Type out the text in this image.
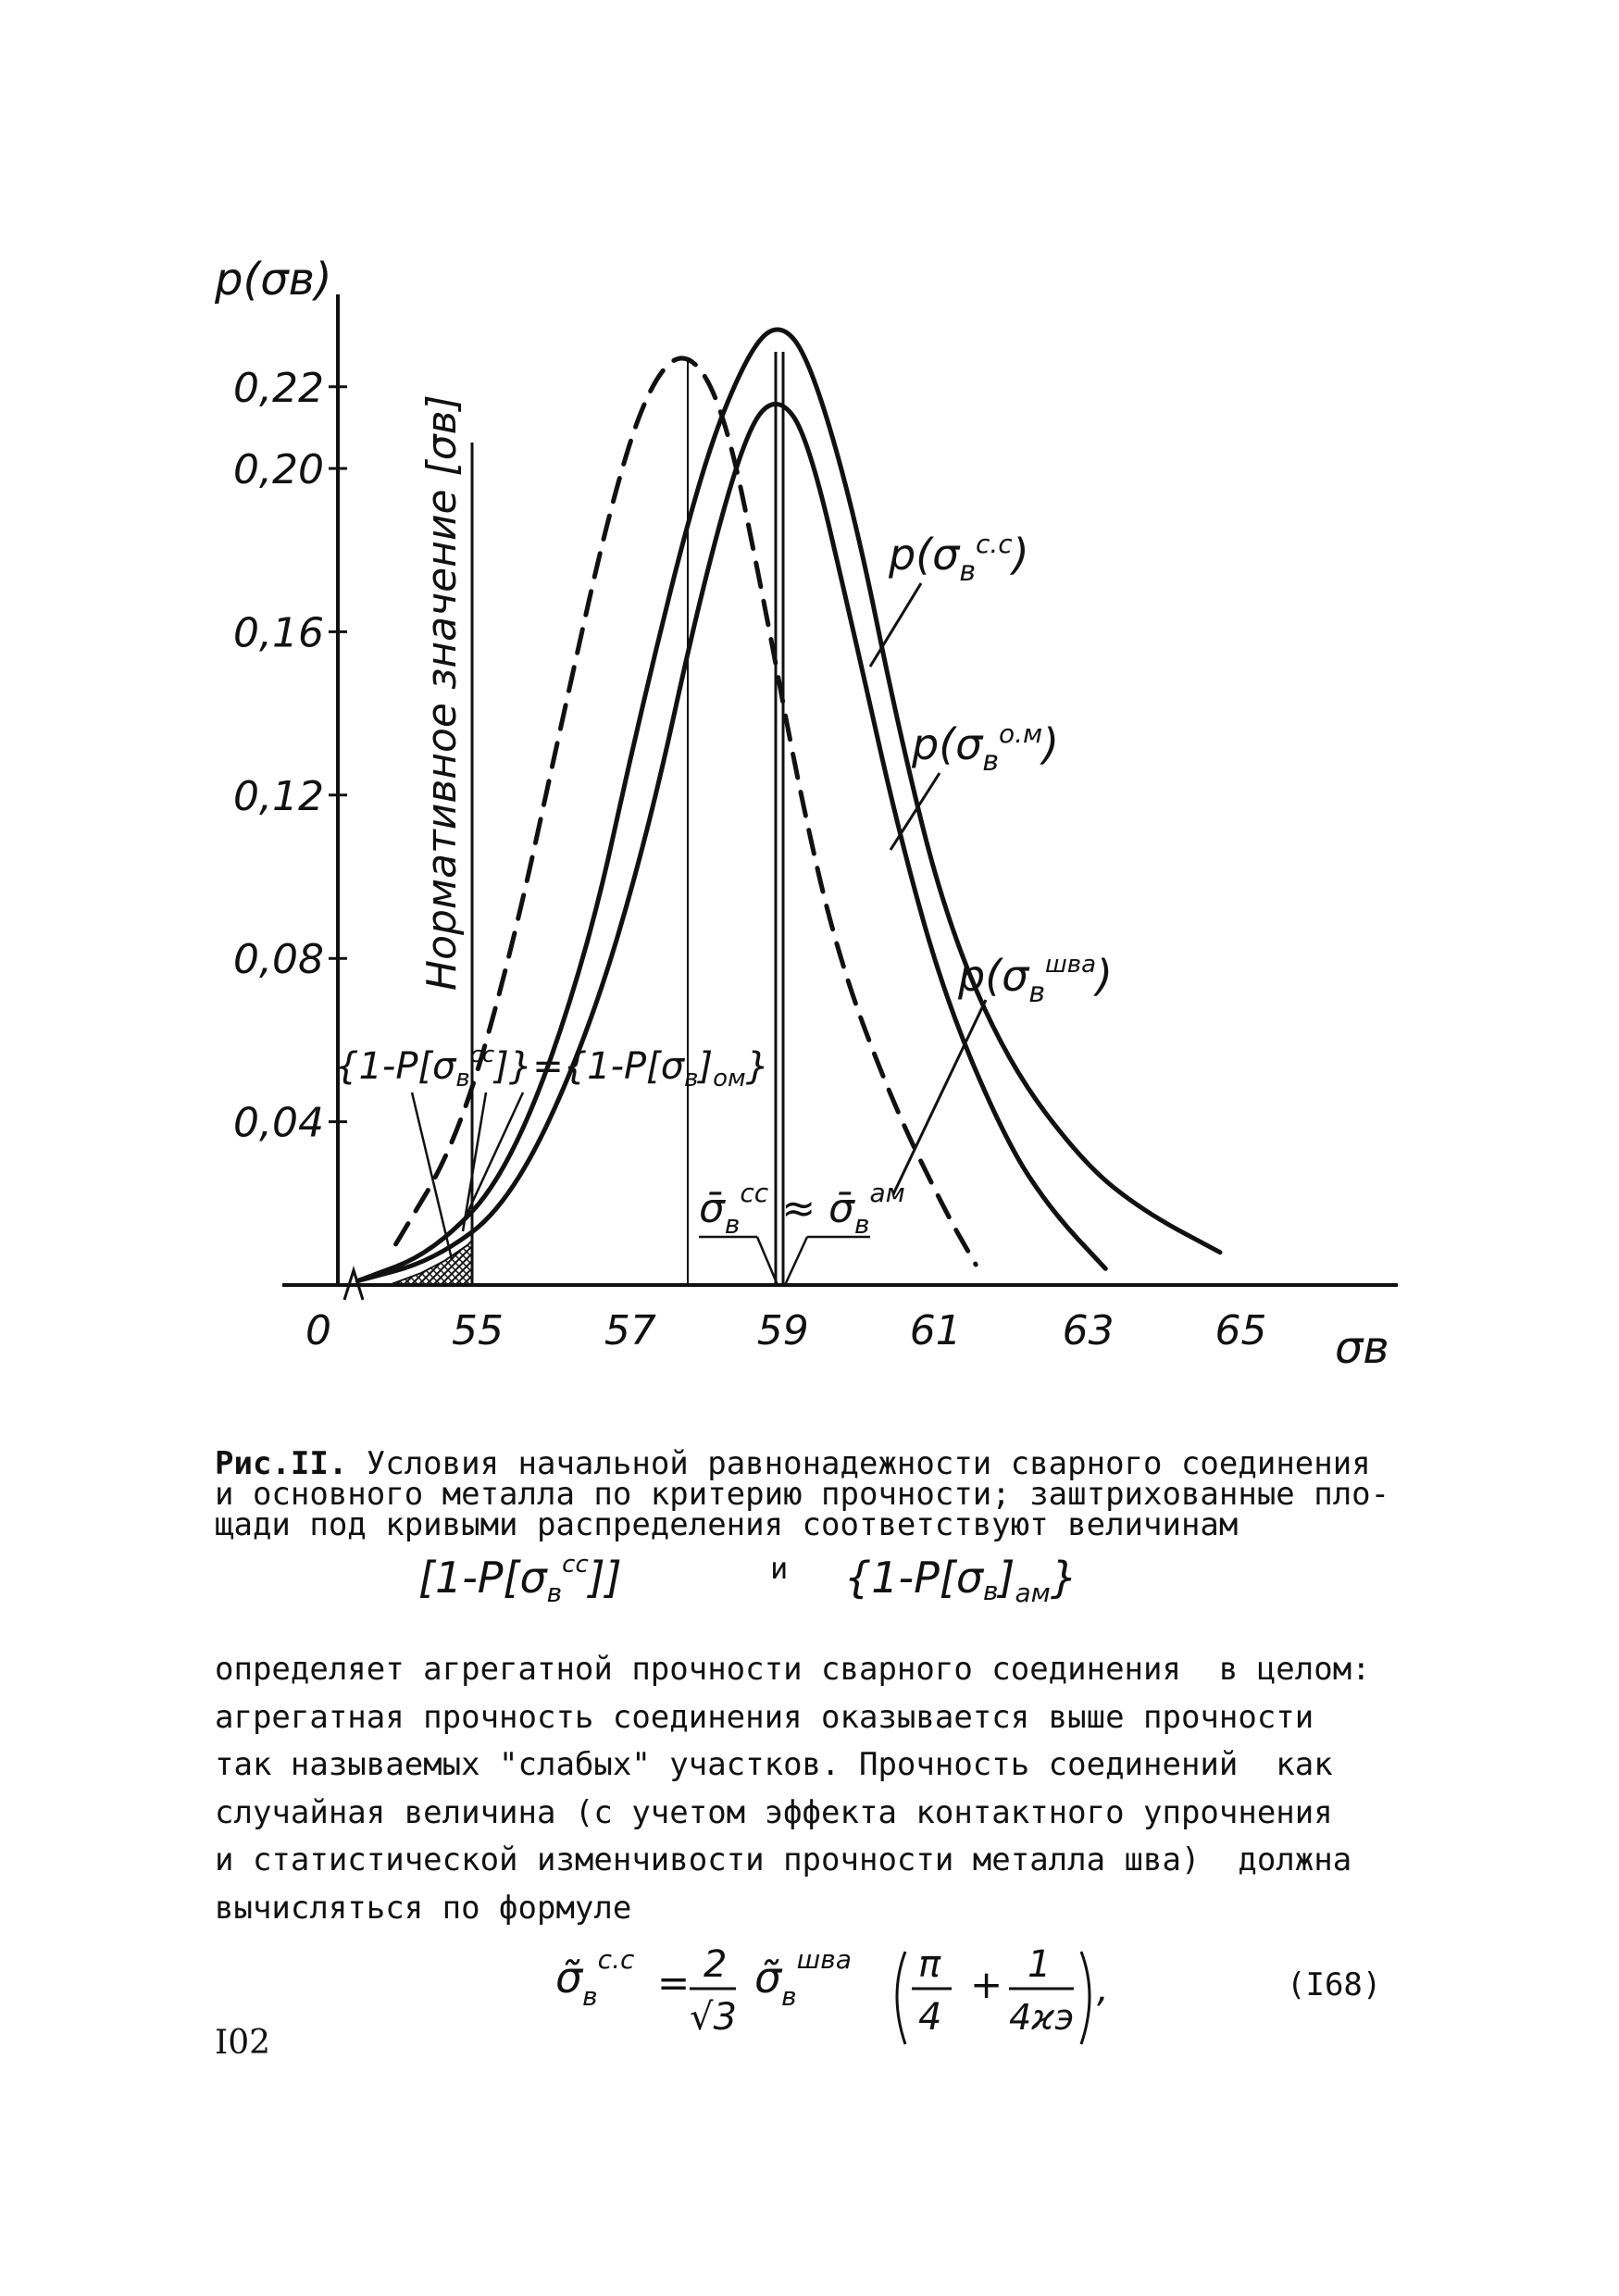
p(σв)
σв
0,22
0,20
0,16
0,12
0,08
0,04
0	55 57 59 61 63 65
Нормативное значение [σв]	$p(\sigma_в^{с.с})$
$p(\sigma_в^{о.м})$
$p(\sigma_в^{шва})$
$\{1-P[\sigma_в^{сс}]\}=\{1-P[\sigma_в]_{ом}\}$
$\sigmā_в^{сс}$ ≈ $\sigmā_в^{ам}$
Рис.II. Условия начальной равнонадежности сварного соединения
и основного металла по критерию прочности; заштрихованные пло-
щади под кривыми распределения соответствуют величинам
$[1-P[\sigma_в^{сс}]]$	и $\{1-P[\sigma в]_{ам}\}$

определяет агрегатной прочности сварного соединения  в целом:

агрегатная прочность соединения оказывается выше прочности

так называемых "слабых" участков. Прочность соединений  как

случайная величина (с учетом эффекта контактного упрочнения

и статистической изменчивости прочности металла шва)  должна

вычисляться по формуле

$\sigmã_в^{с.с}$
= 2
√3
$\sigmã_в^{шва}$ π
4
+ 1
4ϰэ
,	(I68)
I02
